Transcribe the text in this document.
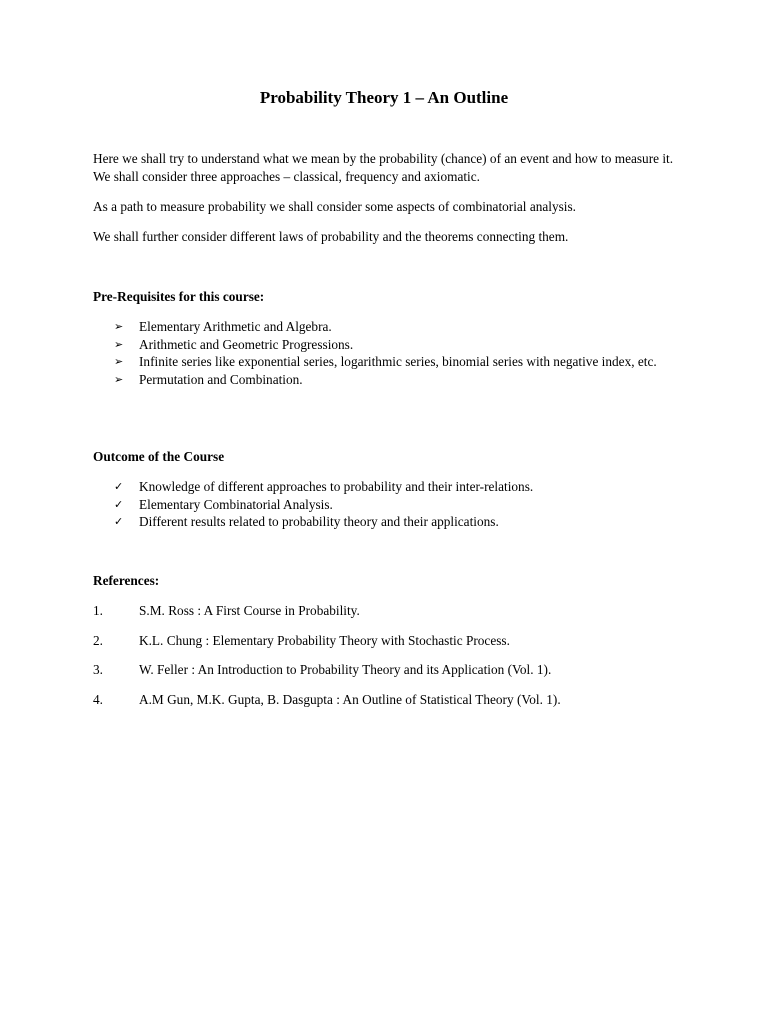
Probability Theory 1 – An Outline

Here we shall try to understand what we mean by the probability (chance) of an event and how to measure it. We shall consider three approaches – classical, frequency and axiomatic.

As a path to measure probability we shall consider some aspects of combinatorial analysis.

We shall further consider different laws of probability and the theorems connecting them.

Pre-Requisites for this course:

➢	Elementary Arithmetic and Algebra.
➢	Arithmetic and Geometric Progressions.
➢	Infinite series like exponential series, logarithmic series, binomial series with negative index, etc.
➢	Permutation and Combination.

Outcome of the Course

✓	Knowledge of different approaches to probability and their inter-relations.
✓	Elementary Combinatorial Analysis.
✓	Different results related to probability theory and their applications.

References:

1.	S.M. Ross : A First Course in Probability.
2.	K.L. Chung : Elementary Probability Theory with Stochastic Process.
3.	W. Feller : An Introduction to Probability Theory and its Application (Vol. 1).
4.	A.M Gun, M.K. Gupta, B. Dasgupta : An Outline of Statistical Theory (Vol. 1).
